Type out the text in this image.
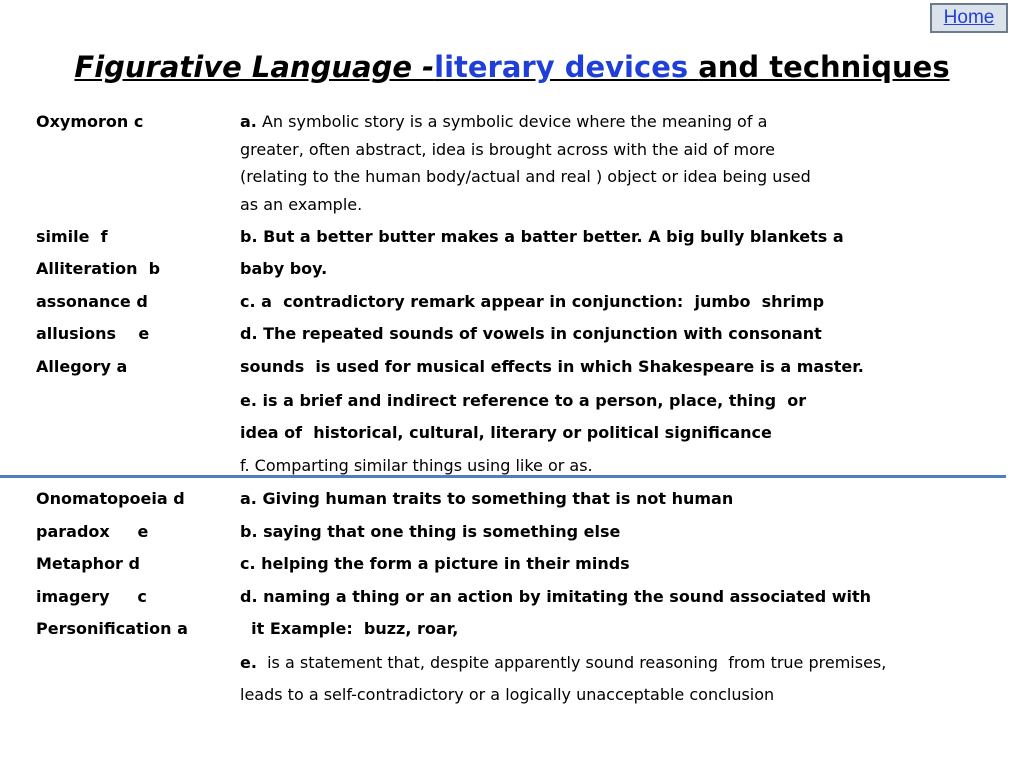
Home
Figurative Language -literary devices and techniques
Oxymoron c
simile  f
Alliteration  b
assonance d
allusions    e
Allegory a
a. An symbolic story is a symbolic device where the meaning of a
greater, often abstract, idea is brought across with the aid of more
(relating to the human body/actual and real ) object or idea being used
as an example.
b. But a better butter makes a batter better. A big bully blankets a
baby boy.
c. a  contradictory remark appear in conjunction:  jumbo  shrimp
d. The repeated sounds of vowels in conjunction with consonant
sounds  is used for musical effects in which Shakespeare is a master.
e. is a brief and indirect reference to a person, place, thing  or
idea of  historical, cultural, literary or political significance
f. Comparting similar things using like or as.
Onomatopoeia d
paradox     e
Metaphor d
imagery     c
Personification a
a. Giving human traits to something that is not human
b. saying that one thing is something else
c. helping the form a picture in their minds
d. naming a thing or an action by imitating the sound associated with
it Example:  buzz, roar,
e.  is a statement that, despite apparently sound reasoning  from true premises,
leads to a self-contradictory or a logically unacceptable conclusion
